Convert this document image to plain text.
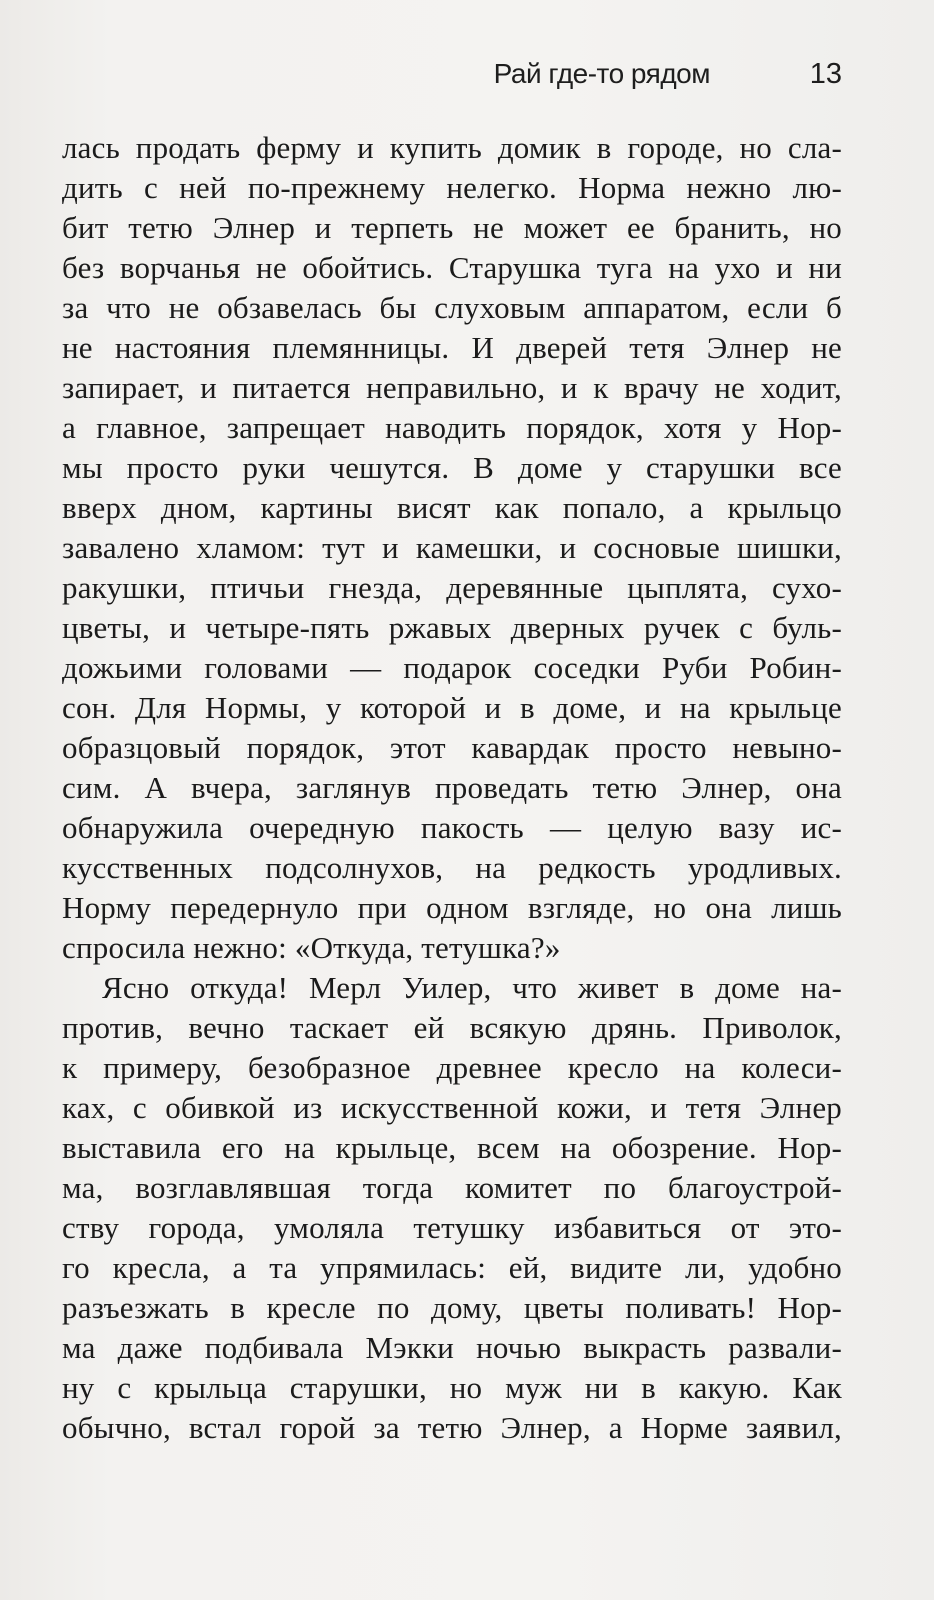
Рай где-то рядом	13
лась продать ферму и купить домик в городе, но сла-
дить с ней по-прежнему нелегко. Норма нежно лю-
бит тетю Элнер и терпеть не может ее бранить, но
без ворчанья не обойтись. Старушка туга на ухо и ни
за что не обзавелась бы слуховым аппаратом, если б
не настояния племянницы. И дверей тетя Элнер не
запирает, и питается неправильно, и к врачу не ходит,
а главное, запрещает наводить порядок, хотя у Нор-
мы просто руки чешутся. В доме у старушки все
вверх дном, картины висят как попало, а крыльцо
завалено хламом: тут и камешки, и сосновые шишки,
ракушки, птичьи гнезда, деревянные цыплята, сухо-
цветы, и четыре-пять ржавых дверных ручек с буль-
дожьими головами — подарок соседки Руби Робин-
сон. Для Нормы, у которой и в доме, и на крыльце
образцовый порядок, этот кавардак просто невыно-
сим. А вчера, заглянув проведать тетю Элнер, она
обнаружила очередную пакость — целую вазу ис-
кусственных подсолнухов, на редкость уродливых.
Норму передернуло при одном взгляде, но она лишь
спросила нежно: «Откуда, тетушка?»
Ясно откуда! Мерл Уилер, что живет в доме на-
против, вечно таскает ей всякую дрянь. Приволок,
к примеру, безобразное древнее кресло на колеси-
ках, с обивкой из искусственной кожи, и тетя Элнер
выставила его на крыльце, всем на обозрение. Нор-
ма, возглавлявшая тогда комитет по благоустрой-
ству города, умоляла тетушку избавиться от это-
го кресла, а та упрямилась: ей, видите ли, удобно
разъезжать в кресле по дому, цветы поливать! Нор-
ма даже подбивала Мэкки ночью выкрасть развали-
ну с крыльца старушки, но муж ни в какую. Как
обычно, встал горой за тетю Элнер, а Норме заявил,
